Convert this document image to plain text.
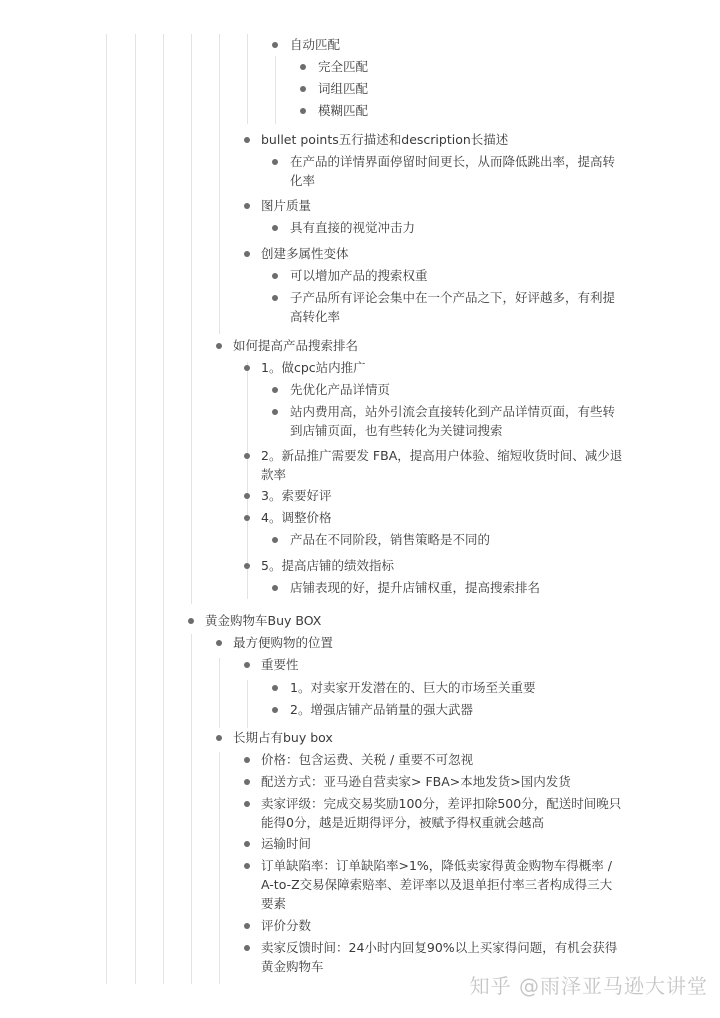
自动匹配
完全匹配
词组匹配
模糊匹配
bullet points五行描述和description长描述
在产品的详情界面停留时间更长，从而降低跳出率，提高转
化率
图片质量
具有直接的视觉冲击力
创建多属性变体
可以增加产品的搜索权重
子产品所有评论会集中在一个产品之下，好评越多，有利提
高转化率
如何提高产品搜索排名
1。做cpc站内推广
先优化产品详情页
站内费用高，站外引流会直接转化到产品详情页面，有些转
到店铺页面，也有些转化为关键词搜索
2。新品推广需要发 FBA，提高用户体验、缩短收货时间、减少退
款率
3。索要好评
4。调整价格
产品在不同阶段，销售策略是不同的
5。提高店铺的绩效指标
店铺表现的好，提升店铺权重，提高搜索排名
黄金购物车Buy BOX
最方便购物的位置
重要性
1。对卖家开发潜在的、巨大的市场至关重要
2。增强店铺产品销量的强大武器
长期占有buy box
价格：包含运费、关税 / 重要不可忽视
配送方式：亚马逊自营卖家> FBA>本地发货>国内发货
卖家评级：完成交易奖励100分，差评扣除500分，配送时间晚只
能得0分，越是近期得评分，被赋予得权重就会越高
运输时间
订单缺陷率：订单缺陷率>1%，降低卖家得黄金购物车得概率 /
A-to-Z交易保障索赔率、差评率以及退单拒付率三者构成得三大
要素
评价分数
卖家反馈时间：24小时内回复90%以上买家得问题，有机会获得
黄金购物车
知乎 @雨泽亚马逊大讲堂
